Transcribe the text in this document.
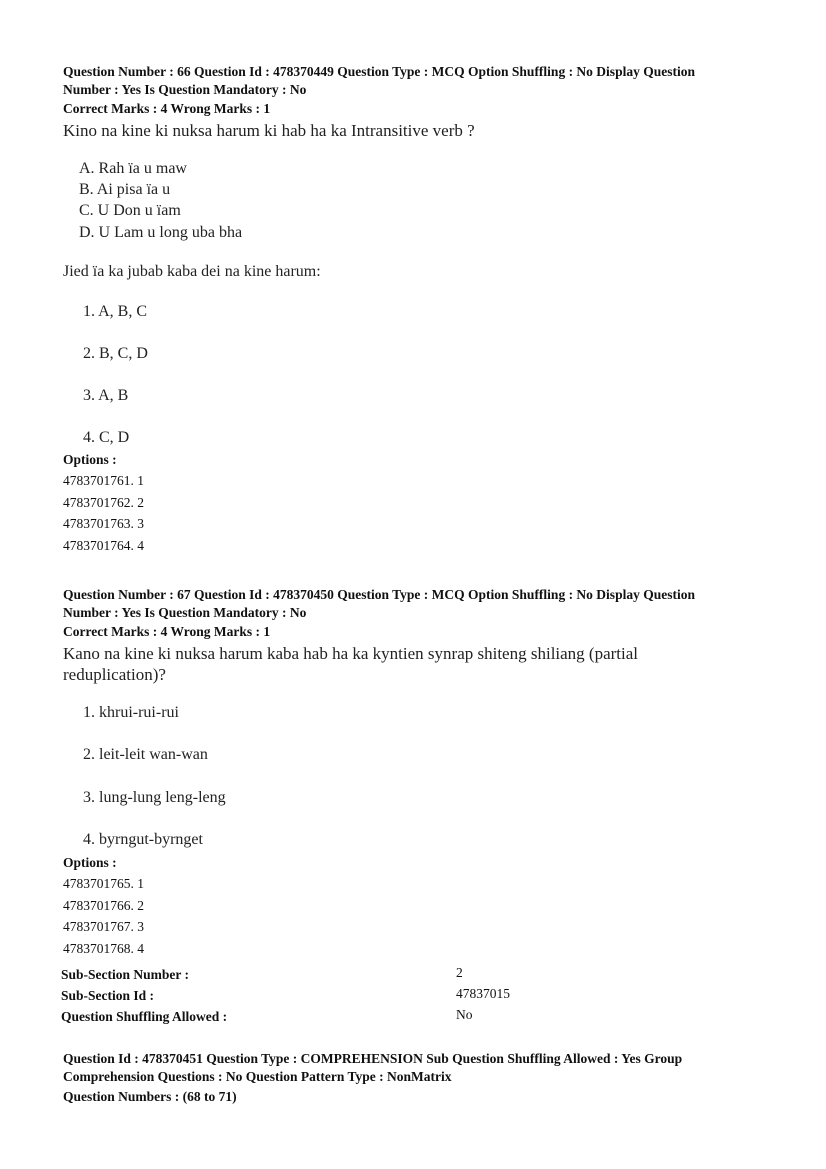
Question Number : 66 Question Id : 478370449 Question Type : MCQ Option Shuffling : No Display Question
Number : Yes Is Question Mandatory : No
Correct Marks : 4 Wrong Marks : 1
Kino na kine ki nuksa harum ki hab ha ka Intransitive verb ?
A. Rah ïa u maw
B. Ai pisa ïa u
C. U Don u ïam
D. U Lam u long uba bha
Jied ïa ka jubab kaba dei na kine harum:
1. A, B, C
2. B, C, D
3. A, B
4. C, D
Options :
4783701761. 1
4783701762. 2
4783701763. 3
4783701764. 4
Question Number : 67 Question Id : 478370450 Question Type : MCQ Option Shuffling : No Display Question
Number : Yes Is Question Mandatory : No
Correct Marks : 4 Wrong Marks : 1
Kano na kine ki nuksa harum kaba hab ha ka kyntien synrap shiteng shiliang (partial
reduplication)?
1. khrui-rui-rui
2. leit-leit wan-wan
3. lung-lung leng-leng
4. byrngut-byrnget
Options :
4783701765. 1
4783701766. 2
4783701767. 3
4783701768. 4
Sub-Section Number :	2
Sub-Section Id :	47837015
Question Shuffling Allowed :	No
Question Id : 478370451 Question Type : COMPREHENSION Sub Question Shuffling Allowed : Yes Group
Comprehension Questions : No Question Pattern Type : NonMatrix
Question Numbers : (68 to 71)
